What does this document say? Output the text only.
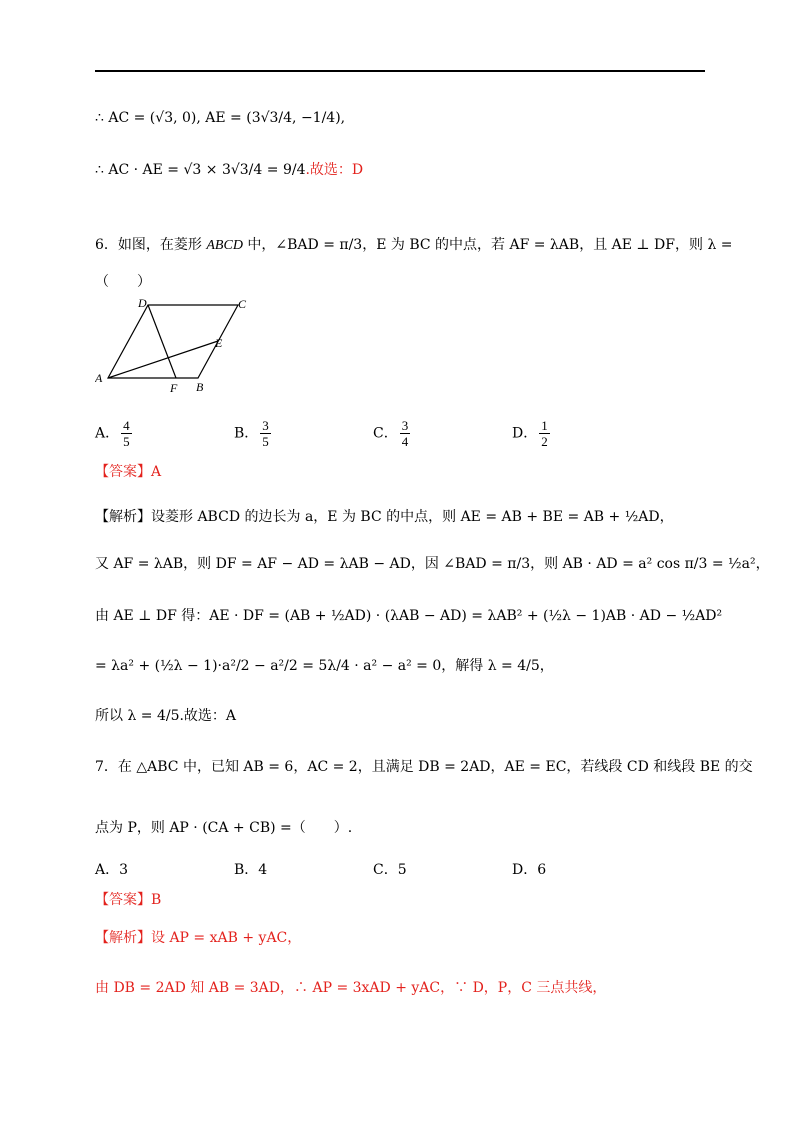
∴ AC = (√3, 0), AE = (3√3/4, −1/4),
∴ AC · AE = √3 × 3√3/4 = 9/4.故选：D
6．如图，在菱形 ABCD 中，∠BAD = π/3，E 为 BC 的中点，若 AF = λAB，且 AE ⊥ DF，则 λ =
（　　）
A
B
C
D
E
F
A． $\frac{4}{5}$	B． $\frac{3}{5}$	C． $\frac{3}{4}$	D． $\frac{1}{2}$
【答案】A
【解析】设菱形 ABCD 的边长为 a，E 为 BC 的中点，则 AE = AB + BE = AB + ½AD，
又 AF = λAB，则 DF = AF − AD = λAB − AD，因 ∠BAD = π/3，则 AB · AD = a² cos π/3 = ½a²，
由 AE ⊥ DF 得：AE · DF = (AB + ½AD) · (λAB − AD) = λAB² + (½λ − 1)AB · AD − ½AD²
= λa² + (½λ − 1)·a²/2 − a²/2 = 5λ/4 · a² − a² = 0，解得 λ = 4/5，
所以 λ = 4/5.故选：A
7．在 △ABC 中，已知 AB = 6，AC = 2，且满足 DB = 2AD，AE = EC，若线段 CD 和线段 BE 的交
点为 P，则 AP · (CA + CB) =（　　）.
A．3	B．4	C．5	D．6
【答案】B
【解析】设 AP = xAB + yAC，
由 DB = 2AD 知 AB = 3AD，∴ AP = 3xAD + yAC，∵ D，P，C 三点共线，
